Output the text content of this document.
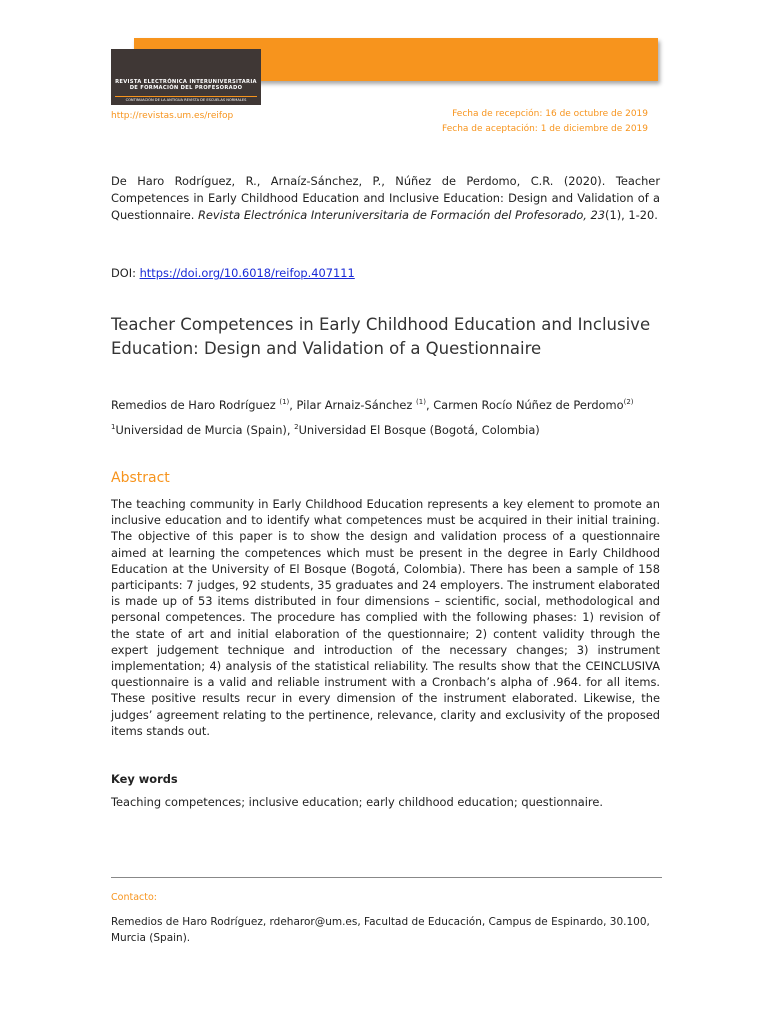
REVISTA ELECTRÓNICA INTERUNIVERSITARIA
DE FORMACIÓN DEL PROFESORADO
CONTINUACIÓN DE LA ANTIGUA REVISTA DE ESCUELAS NORMALES
http://revistas.um.es/reifop	Fecha de recepción: 16 de octubre de 2019
Fecha de aceptación: 1 de diciembre de 2019
De Haro Rodríguez, R., Arnaíz-Sánchez, P., Núñez de Perdomo, C.R. (2020). Teacher Competences in Early Childhood Education and Inclusive Education: Design and Validation of a Questionnaire. Revista Electrónica Interuniversitaria de Formación del Profesorado, 23(1), 1-20.
DOI: https://doi.org/10.6018/reifop.407111
Teacher Competences in Early Childhood Education and Inclusive Education: Design and Validation of a Questionnaire
Remedios de Haro Rodríguez $^{(1)}$, Pilar Arnaiz-Sánchez $^{(1)}$, Carmen Rocío Núñez de Perdomo$^{(2)}$
$^1$Universidad de Murcia (Spain), $^2$Universidad El Bosque (Bogotá, Colombia)
Abstract
The teaching community in Early Childhood Education represents a key element to promote an inclusive education and to identify what competences must be acquired in their initial training. The objective of this paper is to show the design and validation process of a questionnaire aimed at learning the competences which must be present in the degree in Early Childhood Education at the University of El Bosque (Bogotá, Colombia). There has been a sample of 158 participants: 7 judges, 92 students, 35 graduates and 24 employers. The instrument elaborated is made up of 53 items distributed in four dimensions – scientific, social, methodological and personal competences. The procedure has complied with the following phases: 1) revision of the state of art and initial elaboration of the questionnaire; 2) content validity through the expert judgement technique and introduction of the necessary changes; 3) instrument implementation; 4) analysis of the statistical reliability. The results show that the CEINCLUSIVA questionnaire is a valid and reliable instrument with a Cronbach’s alpha of .964. for all items. These positive results recur in every dimension of the instrument elaborated. Likewise, the judges’ agreement relating to the pertinence, relevance, clarity and exclusivity of the proposed items stands out.
Key words
Teaching competences; inclusive education; early childhood education; questionnaire.
Contacto:
Remedios de Haro Rodríguez, rdeharor@um.es, Facultad de Educación, Campus de Espinardo, 30.100, Murcia (Spain).
